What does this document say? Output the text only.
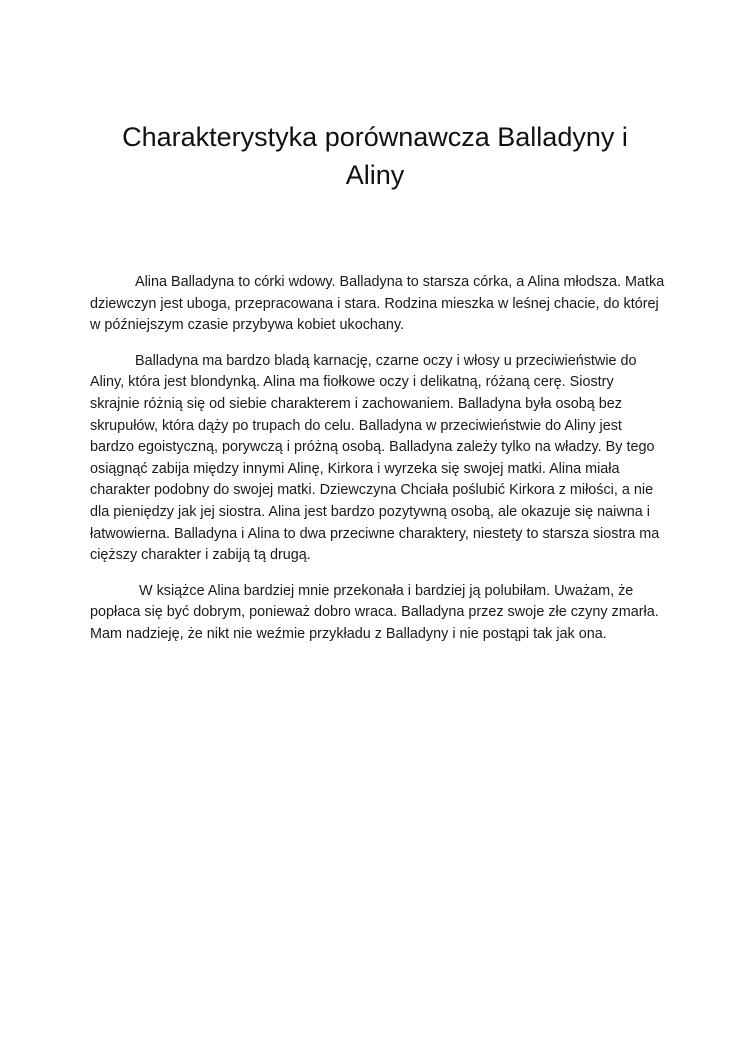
Charakterystyka porównawcza Balladyny i Aliny

Alina Balladyna to córki wdowy. Balladyna to starsza córka, a Alina młodsza. Matka dziewczyn jest uboga, przepracowana i stara. Rodzina mieszka w leśnej chacie, do której w późniejszym czasie przybywa kobiet ukochany.

Balladyna ma bardzo bladą karnację, czarne oczy i włosy u przeciwieństwie do Aliny, która jest blondynką. Alina ma fiołkowe oczy i delikatną, różaną cerę. Siostry skrajnie różnią się od siebie charakterem i zachowaniem. Balladyna była osobą bez skrupułów, która dąży po trupach do celu. Balladyna w przeciwieństwie do Aliny jest bardzo egoistyczną, porywczą i próżną osobą. Balladyna zależy tylko na władzy. By tego osiągnąć zabija między innymi Alinę, Kirkora i wyrzeka się swojej matki. Alina miała charakter podobny do swojej matki. Dziewczyna Chciała poślubić Kirkora z miłości, a nie dla pieniędzy jak jej siostra. Alina jest bardzo pozytywną osobą, ale okazuje się naiwna i łatwowierna. Balladyna i Alina to dwa przeciwne charaktery, niestety to starsza siostra ma cięższy charakter i zabiją tą drugą.

W książce Alina bardziej mnie przekonała i bardziej ją polubiłam. Uważam, że popłaca się być dobrym, ponieważ dobro wraca. Balladyna przez swoje złe czyny zmarła. Mam nadzieję, że nikt nie weźmie przykładu z Balladyny i nie postąpi tak jak ona.
